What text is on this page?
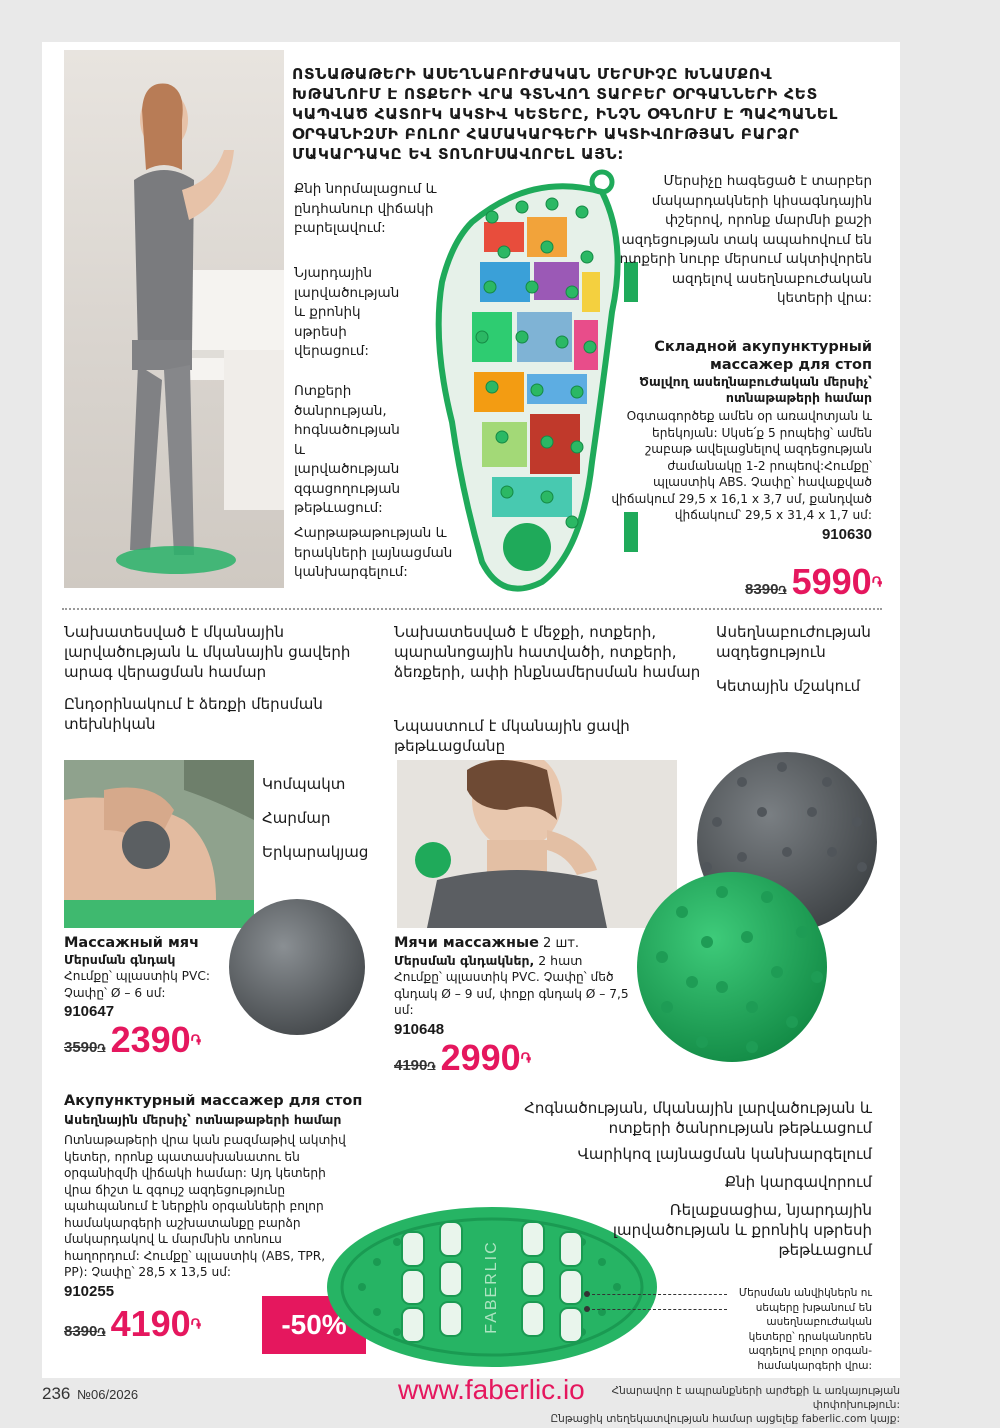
ՈՏՆԱԹԱԹԵՐԻ ԱՍԵՂՆԱԲՈՒԺԱԿԱՆ ՄԵՐՍԻՉԸ ԽՆԱՄՔՈՎ ԽԹԱՆՈՒՄ Է ՈՏՔԵՐԻ ՎՐԱ ԳՏՆՎՈՂ ՏԱՐԲԵՐ ՕՐԳԱՆՆԵՐԻ ՀԵՏ ԿԱՊՎԱԾ ՀԱՏՈՒԿ ԱԿՏԻՎ ԿԵՏԵՐԸ, ԻՆՉՆ ՕԳՆՈՒՄ Է ՊԱՀՊԱՆԵԼ ՕՐԳԱՆԻԶՄԻ ԲՈԼՈՐ ՀԱՄԱԿԱՐԳԵՐԻ ԱԿՏԻՎՈՒԹՅԱՆ ԲԱՐՁՐ ՄԱԿԱՐԴԱԿԸ ԵՎ ՏՈՆՈՒՍԱՎՈՐԵԼ ԱՅՆ:
Քնի նորմալացում և ընդհանուր վիճակի բարելավում:
Նյարդային լարվածության և քրոնիկ սթրեսի վերացում:
Ոտքերի ծանրության, հոգնածության և լարվածության զգացողության թեթևացում:
Հարթաթաթության և երակների լայնացման կանխարգելում:
Մերսիչը հագեցած է տարբեր մակարդակների կիսագնդային փշերով, որոնք մարմնի քաշի ազդեցության տակ ապահովում են ոտքերի նուրբ մերսում ակտիվորեն ազդելով ասեղնաբուժական կետերի վրա:
Складной акупунктурный массажер для стоп
Ծալվող ասեղնաբուժական մերսիչ՝ ոտնաթաթերի համար
Օգտագործեք ամեն օր առավոտյան և երեկոյան: Սկսե՛ք 5 րոպեից՝ ամեն շաբաթ ավելացնելով ազդեցության ժամանակը 1-2 րոպեով:Հումքը՝ պլաստիկ ABS. Չափը՝ հավաքված վիճակում 29,5 x 16,1 x 3,7 սմ, քանդված վիճակում՝ 29,5 x 31,4 x 1,7 սմ:
910630
8390֏ 5990֏
Նախատեսված է մկանային լարվածության և մկանային ցավերի արագ վերացման համար
Ընդօրինակում է ձեռքի մերսման տեխնիկան
Նախատեսված է մեջքի, ոտքերի, պարանոցային հատվածի, ոտքերի, ձեռքերի, ափի ինքնամերսման համար
Նպաստում է մկանային ցավի թեթևացմանը
Ասեղնաբուժության ազդեցություն
Կետային մշակում
Կոմպակտ
Հարմար
Երկարակյաց
Массажный мяч
Մերսման գնդակ
Հումքը՝ պլաստիկ PVC: Չափը՝ Ø – 6 սմ:
910647
3590֏ 2390֏
Мячи массажные 2 шт.
Մերսման գնդակներ, 2 հատ
Հումքը՝ պլաստիկ PVC. Չափը՝ մեծ գնդակ Ø – 9 սմ, փոքր գնդակ Ø – 7,5 սմ:
910648
4190֏ 2990֏
Акупунктурный массажер для стоп
Ասեղնային մերսիչ՝ ոտնաթաթերի համար
Ոտնաթաթերի վրա կան բազմաթիվ ակտիվ կետեր, որոնք պատասխանատու են օրգանիզմի վիճակի համար: Այդ կետերի վրա ճիշտ և զգույշ ազդեցությունը պահպանում է ներքին օրգանների բոլոր համակարգերի աշխատանքը բարձր մակարդակով և մարմնին տոնուս հաղորդում: Հումքը՝ պլաստիկ (ABS, TPR, PP): Չափը՝ 28,5 x 13,5 սմ:
910255
8390֏ 4190֏	-50%	FABERLIC
Հոգնածության, մկանային լարվածության և ոտքերի ծանրության թեթևացում
Վարիկոզ լայնացման կանխարգելում
Քնի կարգավորում
Ռելաքսացիա, նյարդային լարվածության և քրոնիկ սթրեսի թեթևացում
Մերսման անվիկներն ու սեպերը խթանում են ասեղնաբուժական կետերը՝ դրականորեն ազդելով բոլոր օրգան-համակարգերի վրա:
236 №06/2026	www.faberlic.io	Հնարավոր է ապրանքների արժեքի և առկայության փոփոխություն:
Ընթացիկ տեղեկատվության համար այցելեք faberlic.com կայք:
